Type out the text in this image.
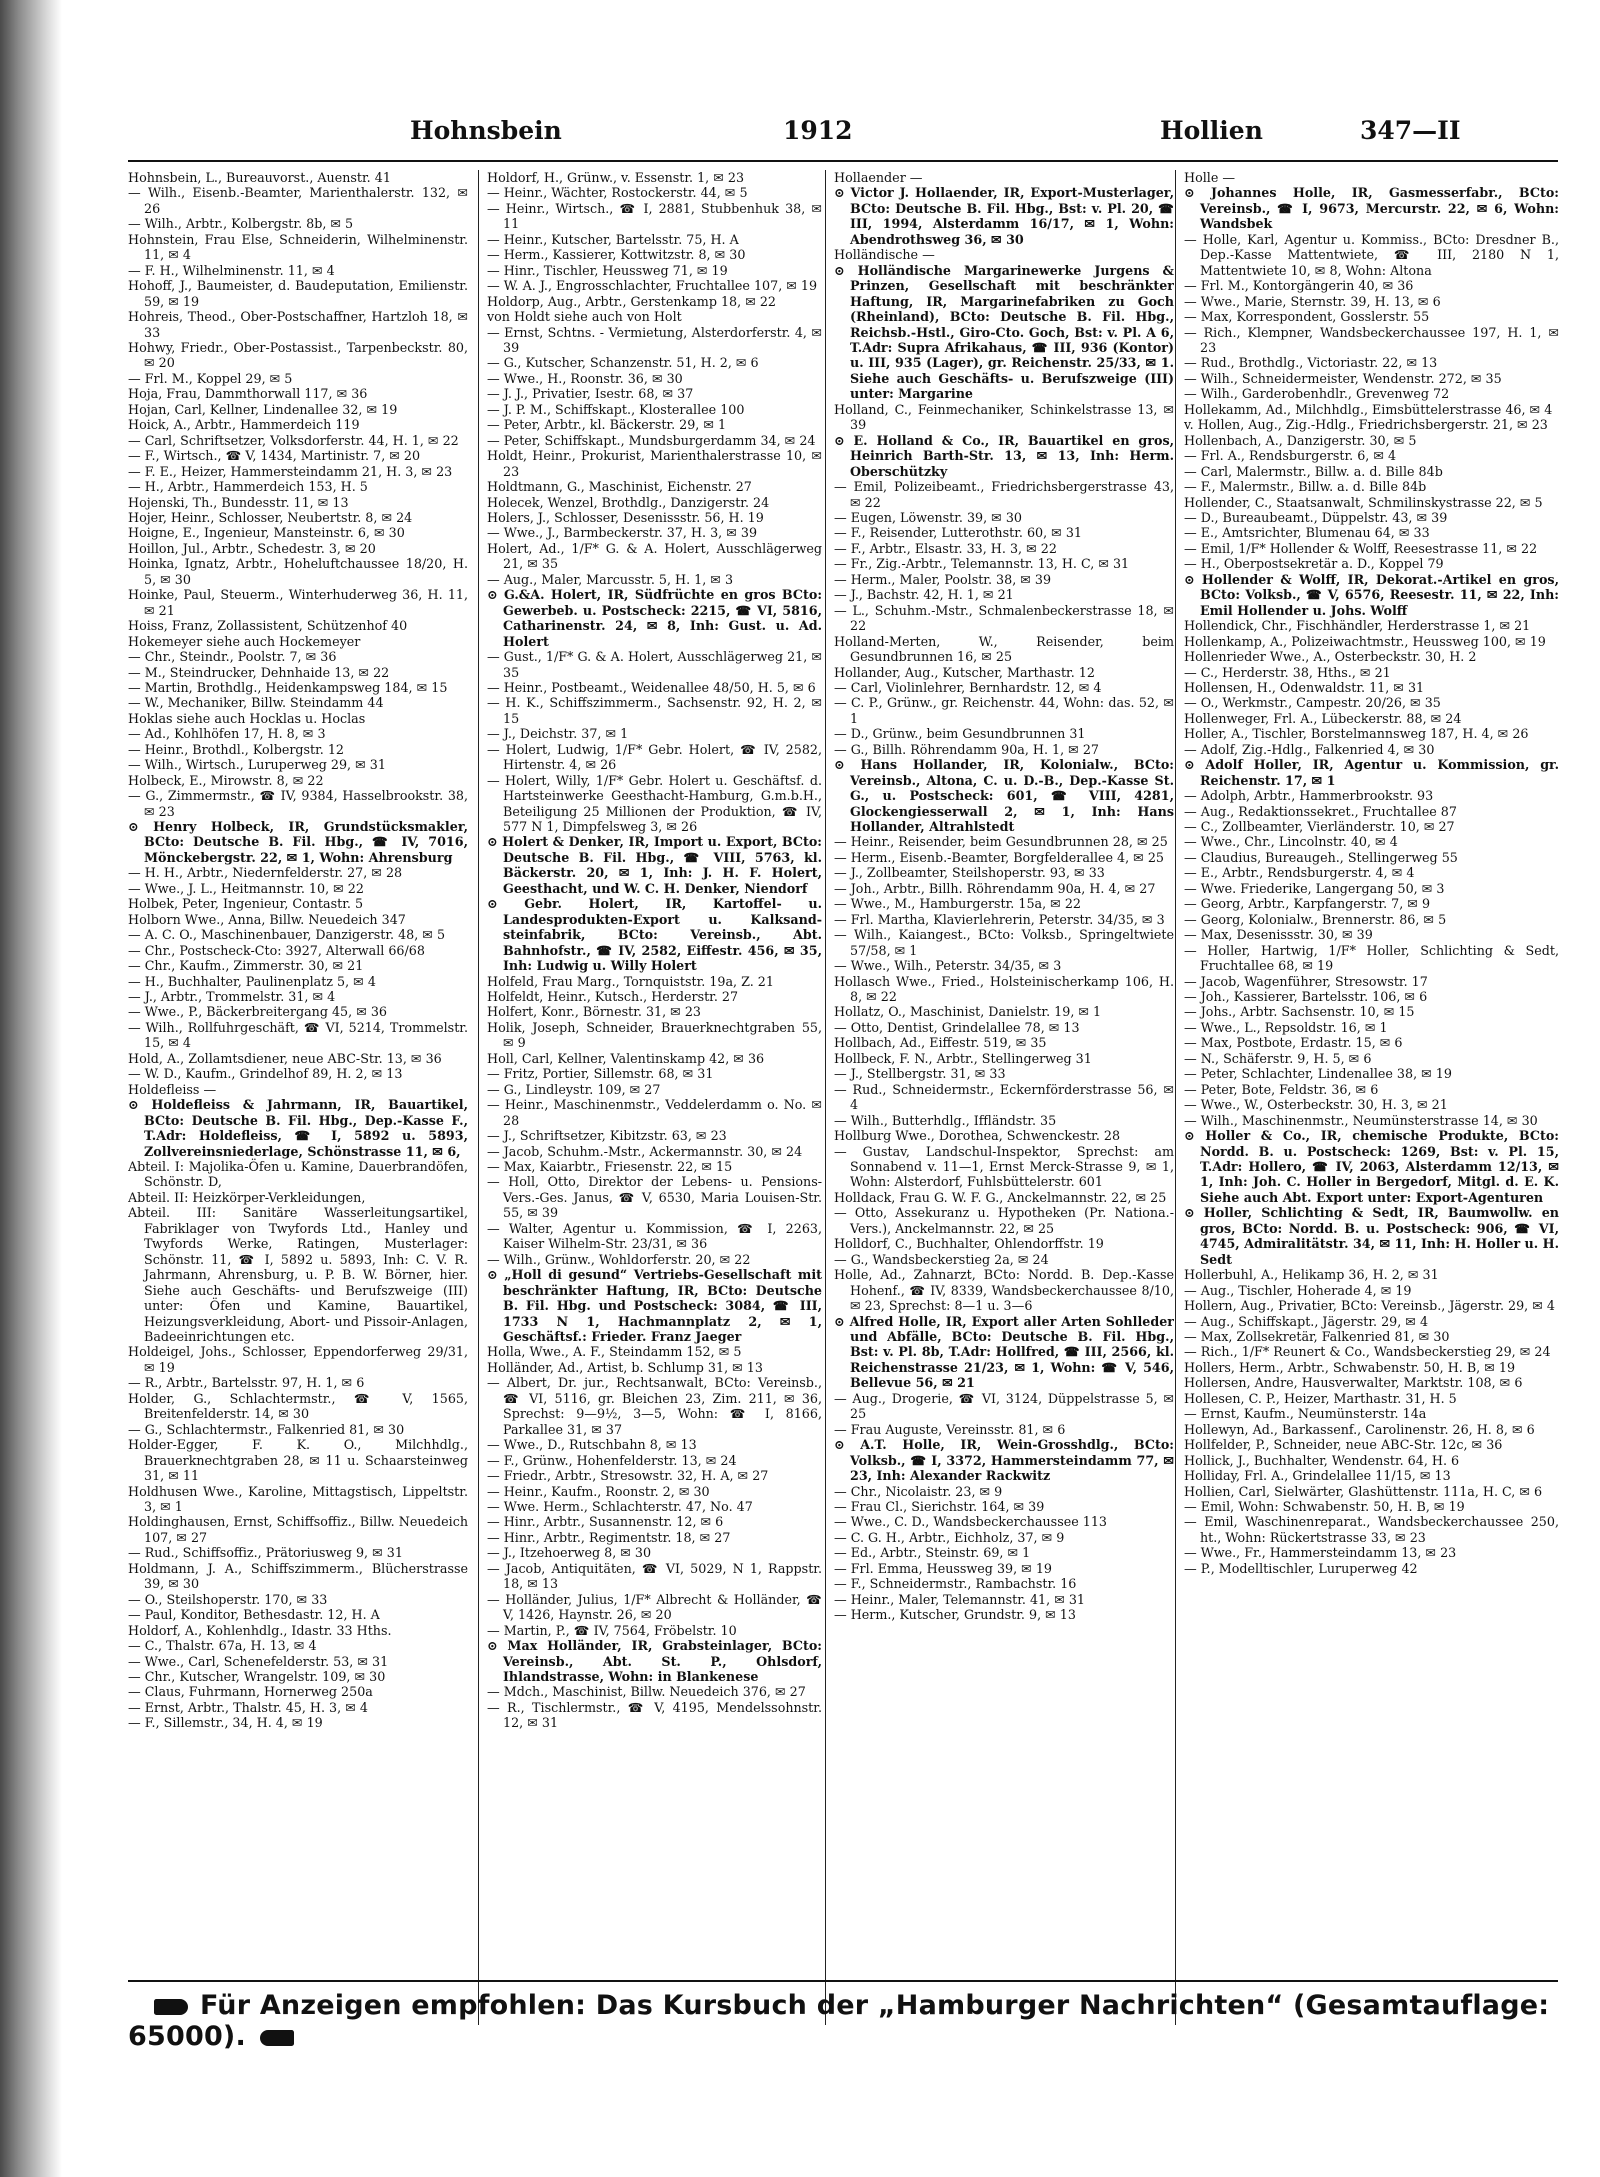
Hohnsbein	1912	Hollien	347—II

Hohnsbein, L., Bureauvorst., Auenstr. 41

— Wilh., Eisenb.-Beamter, Marienthalerstr. 132, ✉ 26

— Wilh., Arbtr., Kolbergstr. 8b, ✉ 5

Hohnstein, Frau Else, Schneiderin, Wilhelminenstr. 11, ✉ 4

— F. H., Wilhelminenstr. 11, ✉ 4

Hohoff, J., Baumeister, d. Baudeputation, Emilienstr. 59, ✉ 19

Hohreis, Theod., Ober-Postschaffner, Hartzloh 18, ✉ 33

Hohwy, Friedr., Ober-Postassist., Tarpenbeckstr. 80, ✉ 20

— Frl. M., Koppel 29, ✉ 5

Hoja, Frau, Dammthorwall 117, ✉ 36

Hojan, Carl, Kellner, Lindenallee 32, ✉ 19

Hoick, A., Arbtr., Hammerdeich 119

— Carl, Schriftsetzer, Volksdorferstr. 44, H. 1, ✉ 22

— F., Wirtsch., ☎ V, 1434, Martinistr. 7, ✉ 20

— F. E., Heizer, Hammersteindamm 21, H. 3, ✉ 23

— H., Arbtr., Hammerdeich 153, H. 5

Hojenski, Th., Bundesstr. 11, ✉ 13

Hojer, Heinr., Schlosser, Neubertstr. 8, ✉ 24

Hoigne, E., Ingenieur, Mansteinstr. 6, ✉ 30

Hoillon, Jul., Arbtr., Schedestr. 3, ✉ 20

Hoinka, Ignatz, Arbtr., Hoheluftchaussee 18/20, H. 5, ✉ 30

Hoinke, Paul, Steuerm., Winterhuderweg 36, H. 11, ✉ 21

Hoiss, Franz, Zollassistent, Schützenhof 40

Hokemeyer siehe auch Hockemeyer

— Chr., Steindr., Poolstr. 7, ✉ 36

— M., Steindrucker, Dehnhaide 13, ✉ 22

— Martin, Brothdlg., Heidenkampsweg 184, ✉ 15

— W., Mechaniker, Billw. Steindamm 44

Hoklas siehe auch Hocklas u. Hoclas

— Ad., Kohlhöfen 17, H. 8, ✉ 3

— Heinr., Brothdl., Kolbergstr. 12

— Wilh., Wirtsch., Luruperweg 29, ✉ 31

Holbeck, E., Mirowstr. 8, ✉ 22

— G., Zimmermstr., ☎ IV, 9384, Hasselbrookstr. 38, ✉ 23

⊙ Henry Holbeck, IR, Grundstücksmakler, BCto: Deutsche B. Fil. Hbg., ☎ IV, 7016, Mönckebergstr. 22, ✉ 1, Wohn: Ahrensburg

— H. H., Arbtr., Niedernfelderstr. 27, ✉ 28

— Wwe., J. L., Heitmannstr. 10, ✉ 22

Holbek, Peter, Ingenieur, Contastr. 5

Holborn Wwe., Anna, Billw. Neuedeich 347

— A. C. O., Maschinenbauer, Danzigerstr. 48, ✉ 5

— Chr., Postscheck-Cto: 3927, Alterwall 66/68

— Chr., Kaufm., Zimmerstr. 30, ✉ 21

— H., Buchhalter, Paulinenplatz 5, ✉ 4

— J., Arbtr., Trommelstr. 31, ✉ 4

— Wwe., P., Bäckerbreitergang 45, ✉ 36

— Wilh., Rollfuhrgeschäft, ☎ VI, 5214, Trommelstr. 15, ✉ 4

Hold, A., Zollamtsdiener, neue ABC-Str. 13, ✉ 36

— W. D., Kaufm., Grindelhof 89, H. 2, ✉ 13

Holdefleiss —

⊙ Holdefleiss & Jahrmann, IR, Bauartikel, BCto: Deutsche B. Fil. Hbg., Dep.-Kasse F., T.Adr: Holdefleiss, ☎ I, 5892 u. 5893, Zollvereinsniederlage, Schönstrasse 11, ✉ 6,

Abteil. I: Majolika-Öfen u. Kamine, Dauerbrandöfen, Schönstr. D,

Abteil. II: Heizkörper-Verkleidungen,

Abteil. III: Sanitäre Wasserleitungsartikel, Fabriklager von Twyfords Ltd., Hanley und Twyfords Werke, Ratingen, Musterlager: Schönstr. 11, ☎ I, 5892 u. 5893, Inh: C. V. R. Jahrmann, Ahrensburg, u. P. B. W. Börner, hier. Siehe auch Geschäfts- und Berufszweige (III) unter: Öfen und Kamine, Bauartikel, Heizungsverkleidung, Abort- und Pissoir-Anlagen, Badeeinrichtungen etc.

Holdeigel, Johs., Schlosser, Eppendorferweg 29/31, ✉ 19

— R., Arbtr., Bartelsstr. 97, H. 1, ✉ 6

Holder, G., Schlachtermstr., ☎ V, 1565, Breitenfelderstr. 14, ✉ 30

— G., Schlachtermstr., Falkenried 81, ✉ 30

Holder-Egger, F. K. O., Milchhdlg., Brauerknechtgraben 28, ✉ 11 u. Schaarsteinweg 31, ✉ 11

Holdhusen Wwe., Karoline, Mittagstisch, Lippeltstr. 3, ✉ 1

Holdinghausen, Ernst, Schiffsoffiz., Billw. Neuedeich 107, ✉ 27

— Rud., Schiffsoffiz., Prätoriusweg 9, ✉ 31

Holdmann, J. A., Schiffszimmerm., Blücherstrasse 39, ✉ 30

— O., Steilshoperstr. 170, ✉ 33

— Paul, Konditor, Bethesdastr. 12, H. A

Holdorf, A., Kohlenhdlg., Idastr. 33 Hths.

— C., Thalstr. 67a, H. 13, ✉ 4

— Wwe., Carl, Schenefelderstr. 53, ✉ 31

— Chr., Kutscher, Wrangelstr. 109, ✉ 30

— Claus, Fuhrmann, Hornerweg 250a

— Ernst, Arbtr., Thalstr. 45, H. 3, ✉ 4

— F., Sillemstr., 34, H. 4, ✉ 19

Holdorf, H., Grünw., v. Essenstr. 1, ✉ 23

— Heinr., Wächter, Rostockerstr. 44, ✉ 5

— Heinr., Wirtsch., ☎ I, 2881, Stubbenhuk 38, ✉ 11

— Heinr., Kutscher, Bartelsstr. 75, H. A

— Herm., Kassierer, Kottwitzstr. 8, ✉ 30

— Hinr., Tischler, Heussweg 71, ✉ 19

— W. A. J., Engrosschlachter, Fruchtallee 107, ✉ 19

Holdorp, Aug., Arbtr., Gerstenkamp 18, ✉ 22

von Holdt siehe auch von Holt

— Ernst, Schtns. - Vermietung, Alsterdorferstr. 4, ✉ 39

— G., Kutscher, Schanzenstr. 51, H. 2, ✉ 6

— Wwe., H., Roonstr. 36, ✉ 30

— J. J., Privatier, Isestr. 68, ✉ 37

— J. P. M., Schiffskapt., Klosterallee 100

— Peter, Arbtr., kl. Bäckerstr. 29, ✉ 1

— Peter, Schiffskapt., Mundsburgerdamm 34, ✉ 24

Holdt, Heinr., Prokurist, Marienthalerstrasse 10, ✉ 23

Holdtmann, G., Maschinist, Eichenstr. 27

Holecek, Wenzel, Brothdlg., Danzigerstr. 24

Holers, J., Schlosser, Desenissstr. 56, H. 19

— Wwe., J., Barmbeckerstr. 37, H. 3, ✉ 39

Holert, Ad., 1/F* G. & A. Holert, Ausschlägerweg 21, ✉ 35

— Aug., Maler, Marcusstr. 5, H. 1, ✉ 3

⊙ G.&A. Holert, IR, Südfrüchte en gros BCto: Gewerbeb. u. Postscheck: 2215, ☎ VI, 5816, Catharinenstr. 24, ✉ 8, Inh: Gust. u. Ad. Holert

— Gust., 1/F* G. & A. Holert, Ausschlägerweg 21, ✉ 35

— Heinr., Postbeamt., Weidenallee 48/50, H. 5, ✉ 6

— H. K., Schiffszimmerm., Sachsenstr. 92, H. 2, ✉ 15

— J., Deichstr. 37, ✉ 1

— Holert, Ludwig, 1/F* Gebr. Holert, ☎ IV, 2582, Hirtenstr. 4, ✉ 26

— Holert, Willy, 1/F* Gebr. Holert u. Geschäftsf. d. Hartsteinwerke Geesthacht-Hamburg, G.m.b.H., Beteiligung 25 Millionen der Produktion, ☎ IV, 577 N 1, Dimpfelsweg 3, ✉ 26

⊙ Holert & Denker, IR, Import u. Export, BCto: Deutsche B. Fil. Hbg., ☎ VIII, 5763, kl. Bäckerstr. 20, ✉ 1, Inh: J. H. F. Holert, Geesthacht, und W. C. H. Denker, Niendorf

⊙ Gebr. Holert, IR, Kartoffel- u. Landesprodukten-Export u. Kalksandsteinfabrik, BCto: Vereinsb., Abt. Bahnhofstr., ☎ IV, 2582, Eiffestr. 456, ✉ 35, Inh: Ludwig u. Willy Holert

Holfeld, Frau Marg., Tornquiststr. 19a, Z. 21

Holfeldt, Heinr., Kutsch., Herderstr. 27

Holfert, Konr., Börnestr. 31, ✉ 23

Holik, Joseph, Schneider, Brauerknechtgraben 55, ✉ 9

Holl, Carl, Kellner, Valentinskamp 42, ✉ 36

— Fritz, Portier, Sillemstr. 68, ✉ 31

— G., Lindleystr. 109, ✉ 27

— Heinr., Maschinenmstr., Veddelerdamm o. No. ✉ 28

— J., Schriftsetzer, Kibitzstr. 63, ✉ 23

— Jacob, Schuhm.-Mstr., Ackermannstr. 30, ✉ 24

— Max, Kaiarbtr., Friesenstr. 22, ✉ 15

— Holl, Otto, Direktor der Lebens- u. Pensions-Vers.-Ges. Janus, ☎ V, 6530, Maria Louisen-Str. 55, ✉ 39

— Walter, Agentur u. Kommission, ☎ I, 2263, Kaiser Wilhelm-Str. 23/31, ✉ 36

— Wilh., Grünw., Wohldorferstr. 20, ✉ 22

⊙ „Holl di gesund“ Vertriebs-Gesellschaft mit beschränkter Haftung, IR, BCto: Deutsche B. Fil. Hbg. und Postscheck: 3084, ☎ III, 1733 N 1, Hachmannplatz 2, ✉ 1, Geschäftsf.: Frieder. Franz Jaeger

Holla, Wwe., A. F., Steindamm 152, ✉ 5

Holländer, Ad., Artist, b. Schlump 31, ✉ 13

— Albert, Dr. jur., Rechtsanwalt, BCto: Vereinsb., ☎ VI, 5116, gr. Bleichen 23, Zim. 211, ✉ 36, Sprechst: 9—9½, 3—5, Wohn: ☎ I, 8166, Parkallee 31, ✉ 37

— Wwe., D., Rutschbahn 8, ✉ 13

— F., Grünw., Hohenfelderstr. 13, ✉ 24

— Friedr., Arbtr., Stresowstr. 32, H. A, ✉ 27

— Heinr., Kaufm., Roonstr. 2, ✉ 30

— Wwe. Herm., Schlachterstr. 47, No. 47

— Hinr., Arbtr., Susannenstr. 12, ✉ 6

— Hinr., Arbtr., Regimentstr. 18, ✉ 27

— J., Itzehoerweg 8, ✉ 30

— Jacob, Antiquitäten, ☎ VI, 5029, N 1, Rappstr. 18, ✉ 13

— Holländer, Julius, 1/F* Albrecht & Holländer, ☎ V, 1426, Haynstr. 26, ✉ 20

— Martin, P., ☎ IV, 7564, Fröbelstr. 10

⊙ Max Holländer, IR, Grabsteinlager, BCto: Vereinsb., Abt. St. P., Ohlsdorf, Ihlandstrasse, Wohn: in Blankenese

— Mdch., Maschinist, Billw. Neuedeich 376, ✉ 27

— R., Tischlermstr., ☎ V, 4195, Mendelssohnstr. 12, ✉ 31

Hollaender —

⊙ Victor J. Hollaender, IR, Export-Musterlager, BCto: Deutsche B. Fil. Hbg., Bst: v. Pl. 20, ☎ III, 1994, Alsterdamm 16/17, ✉ 1, Wohn: Abendrothsweg 36, ✉ 30

Holländische —

⊙ Holländische Margarinewerke Jurgens & Prinzen, Gesellschaft mit beschränkter Haftung, IR, Margarinefabriken zu Goch (Rheinland), BCto: Deutsche B. Fil. Hbg., Reichsb.-Hstl., Giro-Cto. Goch, Bst: v. Pl. A 6, T.Adr: Supra Afrikahaus, ☎ III, 936 (Kontor) u. III, 935 (Lager), gr. Reichenstr. 25/33, ✉ 1. Siehe auch Geschäfts- u. Berufszweige (III) unter: Margarine

Holland, C., Feinmechaniker, Schinkelstrasse 13, ✉ 39

⊙ E. Holland & Co., IR, Bauartikel en gros, Heinrich Barth-Str. 13, ✉ 13, Inh: Herm. Oberschützky

— Emil, Polizeibeamt., Friedrichsbergerstrasse 43, ✉ 22

— Eugen, Löwenstr. 39, ✉ 30

— F., Reisender, Lutterothstr. 60, ✉ 31

— F., Arbtr., Elsastr. 33, H. 3, ✉ 22

— Fr., Zig.-Arbtr., Telemannstr. 13, H. C, ✉ 31

— Herm., Maler, Poolstr. 38, ✉ 39

— J., Bachstr. 42, H. 1, ✉ 21

— L., Schuhm.-Mstr., Schmalenbeckerstrasse 18, ✉ 22

Holland-Merten, W., Reisender, beim Gesundbrunnen 16, ✉ 25

Hollander, Aug., Kutscher, Marthastr. 12

— Carl, Violinlehrer, Bernhardstr. 12, ✉ 4

— C. P., Grünw., gr. Reichenstr. 44, Wohn: das. 52, ✉ 1

— D., Grünw., beim Gesundbrunnen 31

— G., Billh. Röhrendamm 90a, H. 1, ✉ 27

⊙ Hans Hollander, IR, Kolonialw., BCto: Vereinsb., Altona, C. u. D.-B., Dep.-Kasse St. G., u. Postscheck: 601, ☎ VIII, 4281, Glockengiesserwall 2, ✉ 1, Inh: Hans Hollander, Altrahlstedt

— Heinr., Reisender, beim Gesundbrunnen 28, ✉ 25

— Herm., Eisenb.-Beamter, Borgfelderallee 4, ✉ 25

— J., Zollbeamter, Steilshoperstr. 93, ✉ 33

— Joh., Arbtr., Billh. Röhrendamm 90a, H. 4, ✉ 27

— Wwe., M., Hamburgerstr. 15a, ✉ 22

— Frl. Martha, Klavierlehrerin, Peterstr. 34/35, ✉ 3

— Wilh., Kaiangest., BCto: Volksb., Springeltwiete 57/58, ✉ 1

— Wwe., Wilh., Peterstr. 34/35, ✉ 3

Hollasch Wwe., Fried., Holsteinischerkamp 106, H. 8, ✉ 22

Hollatz, O., Maschinist, Danielstr. 19, ✉ 1

— Otto, Dentist, Grindelallee 78, ✉ 13

Hollbach, Ad., Eiffestr. 519, ✉ 35

Hollbeck, F. N., Arbtr., Stellingerweg 31

— J., Stellbergstr. 31, ✉ 33

— Rud., Schneidermstr., Eckernförderstrasse 56, ✉ 4

— Wilh., Butterhdlg., Iffländstr. 35

Hollburg Wwe., Dorothea, Schwenckestr. 28

— Gustav, Landschul-Inspektor, Sprechst: am Sonnabend v. 11—1, Ernst Merck-Strasse 9, ✉ 1, Wohn: Alsterdorf, Fuhlsbüttelerstr. 601

Holldack, Frau G. W. F. G., Anckelmannstr. 22, ✉ 25

— Otto, Assekuranz u. Hypotheken (Pr. Nationa.-Vers.), Anckelmannstr. 22, ✉ 25

Holldorf, C., Buchhalter, Ohlendorffstr. 19

— G., Wandsbeckerstieg 2a, ✉ 24

Holle, Ad., Zahnarzt, BCto: Nordd. B. Dep.-Kasse Hohenf., ☎ IV, 8339, Wandsbeckerchaussee 8/10, ✉ 23, Sprechst: 8—1 u. 3—6

⊙ Alfred Holle, IR, Export aller Arten Sohlleder und Abfälle, BCto: Deutsche B. Fil. Hbg., Bst: v. Pl. 8b, T.Adr: Hollfred, ☎ III, 2566, kl. Reichenstrasse 21/23, ✉ 1, Wohn: ☎ V, 546, Bellevue 56, ✉ 21

— Aug., Drogerie, ☎ VI, 3124, Düppelstrasse 5, ✉ 25

— Frau Auguste, Vereinsstr. 81, ✉ 6

⊙ A.T. Holle, IR, Wein-Grosshdlg., BCto: Volksb., ☎ I, 3372, Hammersteindamm 77, ✉ 23, Inh: Alexander Rackwitz

— Chr., Nicolaistr. 23, ✉ 9

— Frau Cl., Sierichstr. 164, ✉ 39

— Wwe., C. D., Wandsbeckerchaussee 113

— C. G. H., Arbtr., Eichholz, 37, ✉ 9

— Ed., Arbtr., Steinstr. 69, ✉ 1

— Frl. Emma, Heussweg 39, ✉ 19

— F., Schneidermstr., Rambachstr. 16

— Heinr., Maler, Telemannstr. 41, ✉ 31

— Herm., Kutscher, Grundstr. 9, ✉ 13

Holle —

⊙ Johannes Holle, IR, Gasmesserfabr., BCto: Vereinsb., ☎ I, 9673, Mercurstr. 22, ✉ 6, Wohn: Wandsbek

— Holle, Karl, Agentur u. Kommiss., BCto: Dresdner B., Dep.-Kasse Mattentwiete, ☎ III, 2180 N 1, Mattentwiete 10, ✉ 8, Wohn: Altona

— Frl. M., Kontorgängerin 40, ✉ 36

— Wwe., Marie, Sternstr. 39, H. 13, ✉ 6

— Max, Korrespondent, Gosslerstr. 55

— Rich., Klempner, Wandsbeckerchaussee 197, H. 1, ✉ 23

— Rud., Brothdlg., Victoriastr. 22, ✉ 13

— Wilh., Schneidermeister, Wendenstr. 272, ✉ 35

— Wilh., Garderobenhdlr., Grevenweg 72

Hollekamm, Ad., Milchhdlg., Eimsbüttelerstrasse 46, ✉ 4

v. Hollen, Aug., Zig.-Hdlg., Friedrichsbergerstr. 21, ✉ 23

Hollenbach, A., Danzigerstr. 30, ✉ 5

— Frl. A., Rendsburgerstr. 6, ✉ 4

— Carl, Malermstr., Billw. a. d. Bille 84b

— F., Malermstr., Billw. a. d. Bille 84b

Hollender, C., Staatsanwalt, Schmilinskystrasse 22, ✉ 5

— D., Bureaubeamt., Düppelstr. 43, ✉ 39

— E., Amtsrichter, Blumenau 64, ✉ 33

— Emil, 1/F* Hollender & Wolff, Reesestrasse 11, ✉ 22

— H., Oberpostsekretär a. D., Koppel 79

⊙ Hollender & Wolff, IR, Dekorat.-Artikel en gros, BCto: Volksb., ☎ V, 6576, Reesestr. 11, ✉ 22, Inh: Emil Hollender u. Johs. Wolff

Hollendick, Chr., Fischhändler, Herderstrasse 1, ✉ 21

Hollenkamp, A., Polizeiwachtmstr., Heussweg 100, ✉ 19

Hollenrieder Wwe., A., Osterbeckstr. 30, H. 2

— C., Herderstr. 38, Hths., ✉ 21

Hollensen, H., Odenwaldstr. 11, ✉ 31

— O., Werkmstr., Campestr. 20/26, ✉ 35

Hollenweger, Frl. A., Lübeckerstr. 88, ✉ 24

Holler, A., Tischler, Borstelmannsweg 187, H. 4, ✉ 26

— Adolf, Zig.-Hdlg., Falkenried 4, ✉ 30

⊙ Adolf Holler, IR, Agentur u. Kommission, gr. Reichenstr. 17, ✉ 1

— Adolph, Arbtr., Hammerbrookstr. 93

— Aug., Redaktionssekret., Fruchtallee 87

— C., Zollbeamter, Vierländerstr. 10, ✉ 27

— Wwe., Chr., Lincolnstr. 40, ✉ 4

— Claudius, Bureaugeh., Stellingerweg 55

— E., Arbtr., Rendsburgerstr. 4, ✉ 4

— Wwe. Friederike, Langergang 50, ✉ 3

— Georg, Arbtr., Karpfangerstr. 7, ✉ 9

— Georg, Kolonialw., Brennerstr. 86, ✉ 5

— Max, Desenissstr. 30, ✉ 39

— Holler, Hartwig, 1/F* Holler, Schlichting & Sedt, Fruchtallee 68, ✉ 19

— Jacob, Wagenführer, Stresowstr. 17

— Joh., Kassierer, Bartelsstr. 106, ✉ 6

— Johs., Arbtr. Sachsenstr. 10, ✉ 15

— Wwe., L., Repsoldstr. 16, ✉ 1

— Max, Postbote, Erdastr. 15, ✉ 6

— N., Schäferstr. 9, H. 5, ✉ 6

— Peter, Schlachter, Lindenallee 38, ✉ 19

— Peter, Bote, Feldstr. 36, ✉ 6

— Wwe., W., Osterbeckstr. 30, H. 3, ✉ 21

— Wilh., Maschinenmstr., Neumünsterstrasse 14, ✉ 30

⊙ Holler & Co., IR, chemische Produkte, BCto: Nordd. B. u. Postscheck: 1269, Bst: v. Pl. 15, T.Adr: Hollero, ☎ IV, 2063, Alsterdamm 12/13, ✉ 1, Inh: Joh. C. Holler in Bergedorf, Mitgl. d. E. K. Siehe auch Abt. Export unter: Export-Agenturen

⊙ Holler, Schlichting & Sedt, IR, Baumwollw. en gros, BCto: Nordd. B. u. Postscheck: 906, ☎ VI, 4745, Admiralitätstr. 34, ✉ 11, Inh: H. Holler u. H. Sedt

Hollerbuhl, A., Helikamp 36, H. 2, ✉ 31

— Aug., Tischler, Hoherade 4, ✉ 19

Hollern, Aug., Privatier, BCto: Vereinsb., Jägerstr. 29, ✉ 4

— Aug., Schiffskapt., Jägerstr. 29, ✉ 4

— Max, Zollsekretär, Falkenried 81, ✉ 30

— Rich., 1/F* Reunert & Co., Wandsbeckerstieg 29, ✉ 24

Hollers, Herm., Arbtr., Schwabenstr. 50, H. B, ✉ 19

Hollersen, Andre, Hausverwalter, Marktstr. 108, ✉ 6

Hollesen, C. P., Heizer, Marthastr. 31, H. 5

— Ernst, Kaufm., Neumünsterstr. 14a

Hollewyn, Ad., Barkassenf., Carolinenstr. 26, H. 8, ✉ 6

Hollfelder, P., Schneider, neue ABC-Str. 12c, ✉ 36

Hollick, J., Buchhalter, Wendenstr. 64, H. 6

Holliday, Frl. A., Grindelallee 11/15, ✉ 13

Hollien, Carl, Sielwärter, Glashüttenstr. 111a, H. C, ✉ 6

— Emil, Wohn: Schwabenstr. 50, H. B, ✉ 19

— Emil, Waschinenreparat., Wandsbeckerchaussee 250, ht., Wohn: Rückertstrasse 33, ✉ 23

— Wwe., Fr., Hammersteindamm 13, ✉ 23

— P., Modelltischler, Luruperweg 42

Für Anzeigen empfohlen: Das Kursbuch der „Hamburger Nachrichten“ (Gesamtauflage: 65000).
